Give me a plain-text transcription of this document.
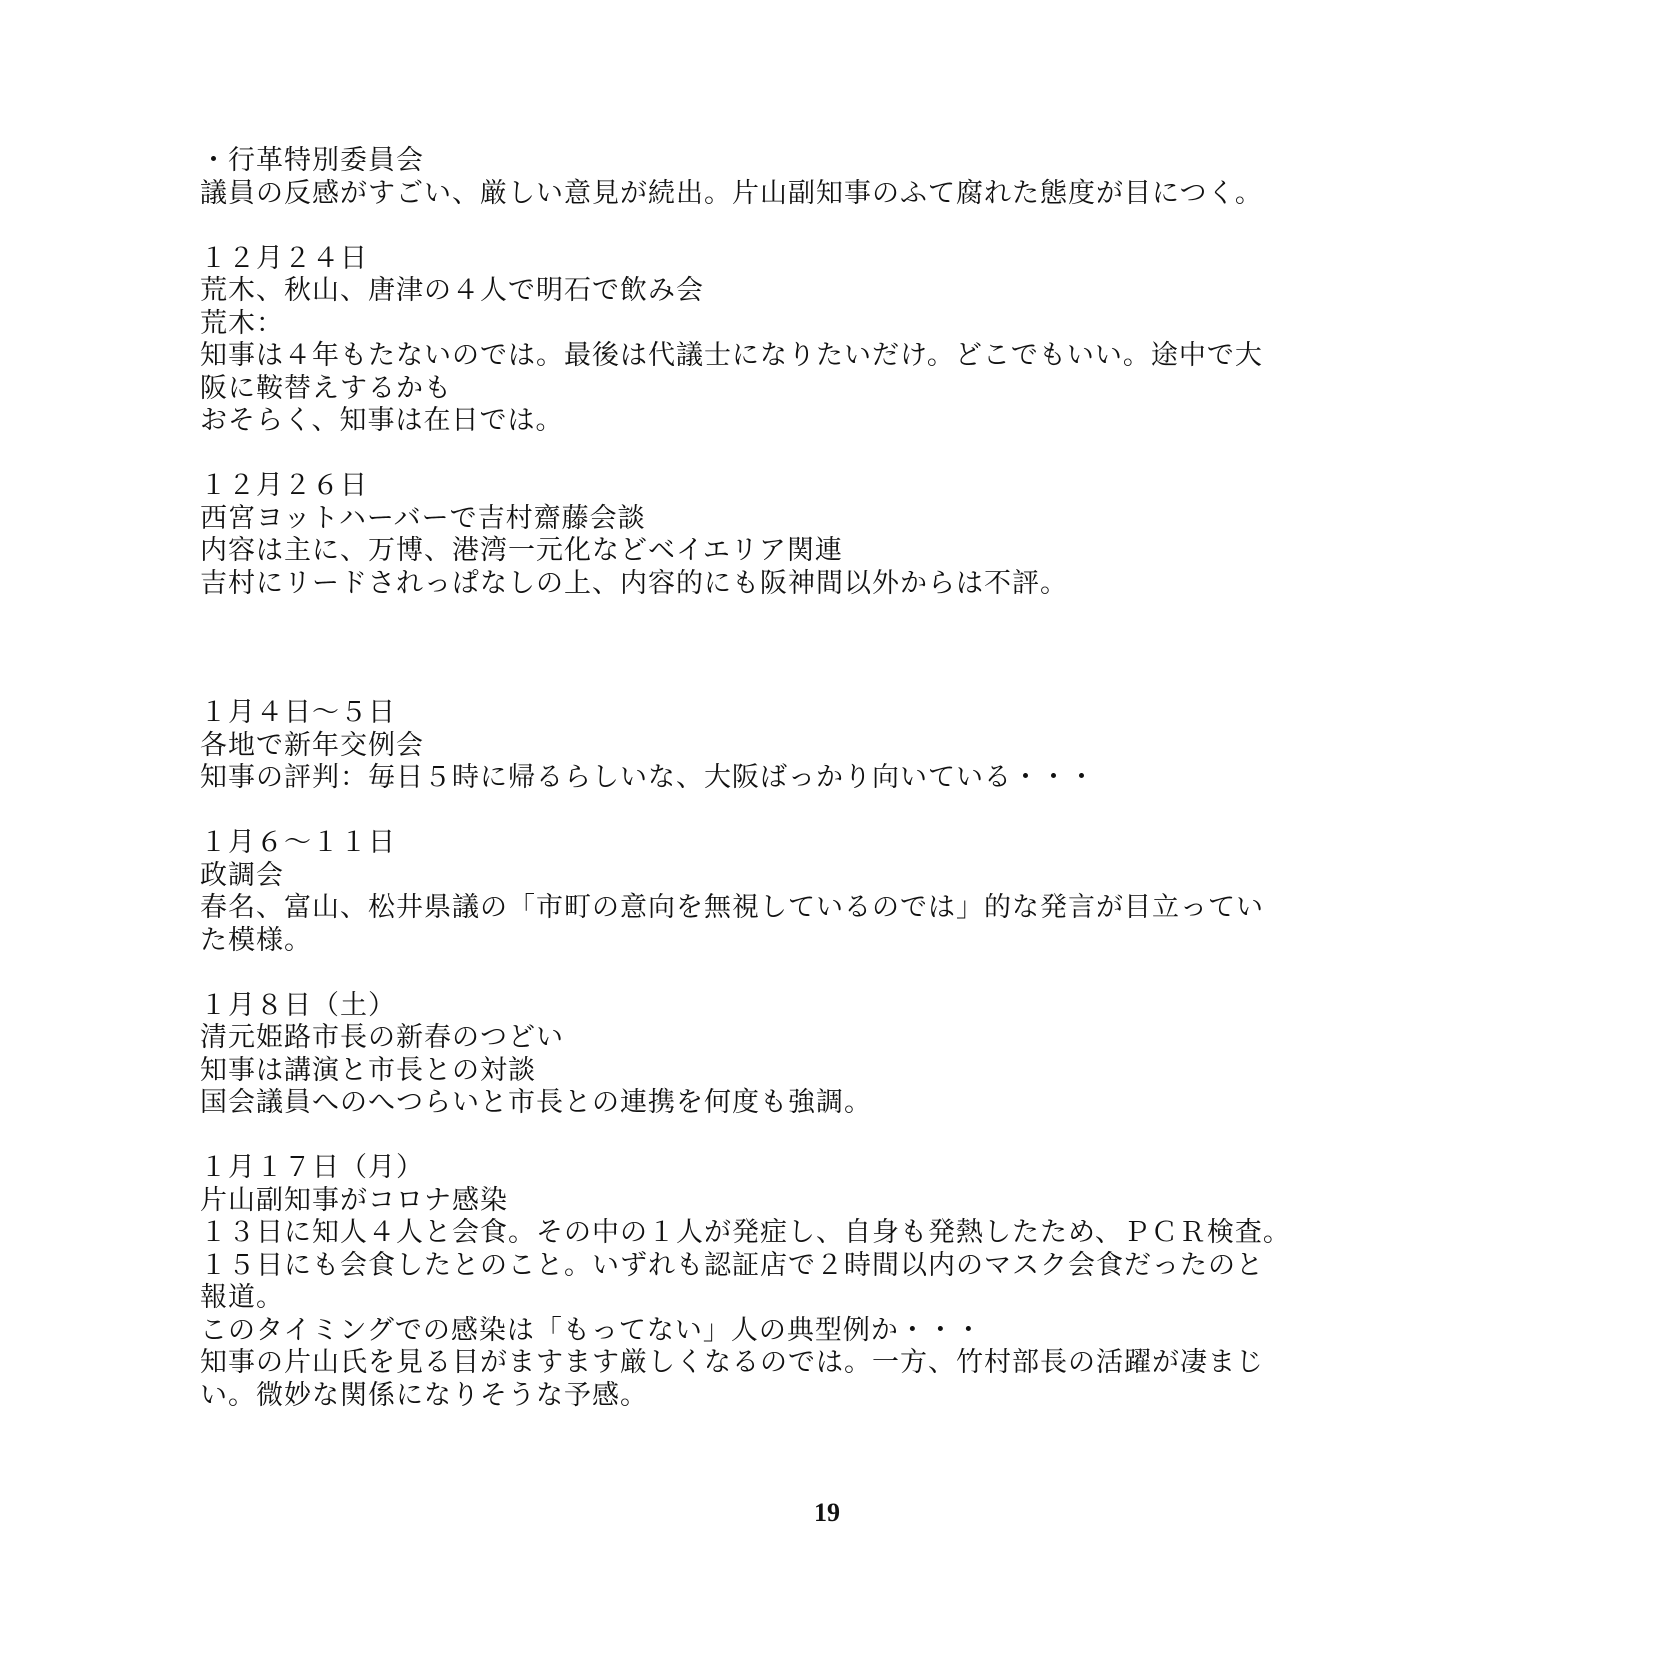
・行革特別委員会
議員の反感がすごい、厳しい意見が続出。片山副知事のふて腐れた態度が目につく。
１２月２４日
荒木、秋山、唐津の４人で明石で飲み会
荒木：
知事は４年もたないのでは。最後は代議士になりたいだけ。どこでもいい。途中で大
阪に鞍替えするかも
おそらく、知事は在日では。
１２月２６日
西宮ヨットハーバーで吉村齋藤会談
内容は主に、万博、港湾一元化などベイエリア関連
吉村にリードされっぱなしの上、内容的にも阪神間以外からは不評。
１月４日～５日
各地で新年交例会
知事の評判：毎日５時に帰るらしいな、大阪ばっかり向いている・・・
１月６～１１日
政調会
春名、富山、松井県議の「市町の意向を無視しているのでは」的な発言が目立ってい
た模様。
１月８日（土）
清元姫路市長の新春のつどい
知事は講演と市長との対談
国会議員へのへつらいと市長との連携を何度も強調。
１月１７日（月）
片山副知事がコロナ感染
１３日に知人４人と会食。その中の１人が発症し、自身も発熱したため、ＰＣＲ検査。
１５日にも会食したとのこと。いずれも認証店で２時間以内のマスク会食だったのと
報道。
このタイミングでの感染は「もってない」人の典型例か・・・
知事の片山氏を見る目がますます厳しくなるのでは。一方、竹村部長の活躍が凄まじ
い。微妙な関係になりそうな予感。
19
